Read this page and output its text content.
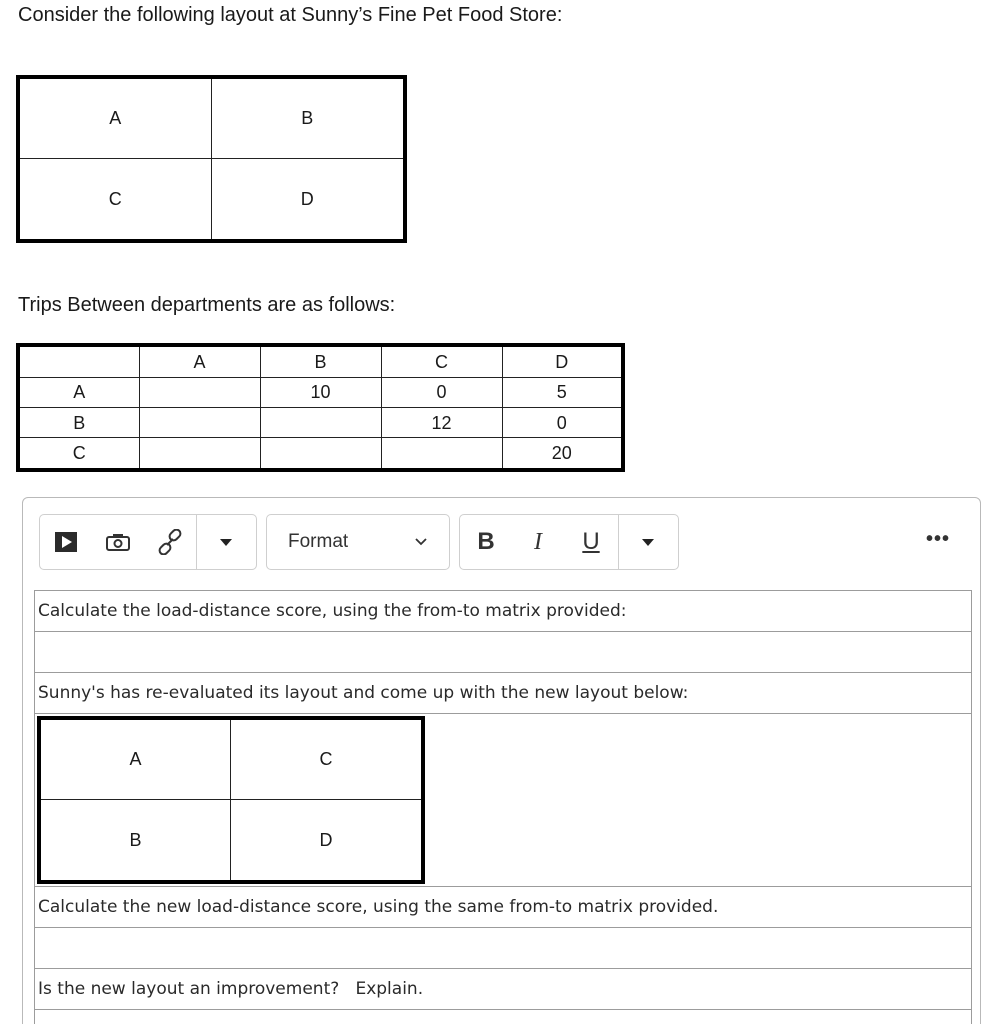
Consider the following layout at Sunny’s Fine Pet Food Store:
A	B
C	D
Trips Between departments are as follows:
	A	B	C	D
A		10	0	5
B			12	0
C				20
Format	B	I	U	•••
Calculate the load-distance score, using the from-to matrix provided:

Sunny's has re-evaluated its layout and come up with the new layout below:

A	C
B	D

Calculate the new load-distance score, using the same from-to matrix provided.

Is the new layout an improvement?   Explain.
